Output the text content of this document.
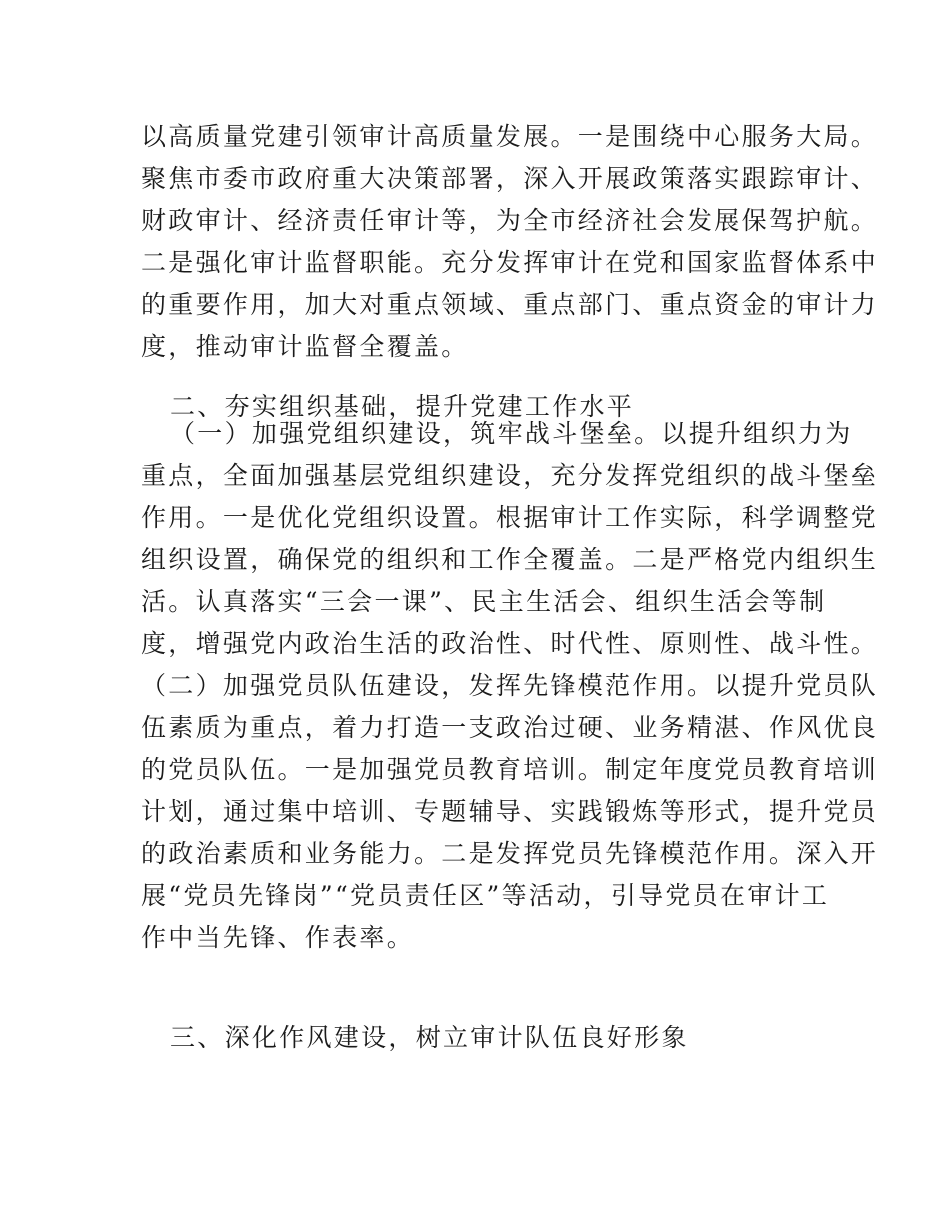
以高质量党建引领审计高质量发展。一是围绕中心服务大局。
聚焦市委市政府重大决策部署，深入开展政策落实跟踪审计、
财政审计、经济责任审计等，为全市经济社会发展保驾护航。
二是强化审计监督职能。充分发挥审计在党和国家监督体系中
的重要作用，加大对重点领域、重点部门、重点资金的审计力
度，推动审计监督全覆盖。
二、夯实组织基础，提升党建工作水平
（一）加强党组织建设，筑牢战斗堡垒。以提升组织力为
重点，全面加强基层党组织建设，充分发挥党组织的战斗堡垒
作用。一是优化党组织设置。根据审计工作实际，科学调整党
组织设置，确保党的组织和工作全覆盖。二是严格党内组织生
活。认真落实“三会一课”、民主生活会、组织生活会等制
度，增强党内政治生活的政治性、时代性、原则性、战斗性。
（二）加强党员队伍建设，发挥先锋模范作用。以提升党员队
伍素质为重点，着力打造一支政治过硬、业务精湛、作风优良
的党员队伍。一是加强党员教育培训。制定年度党员教育培训
计划，通过集中培训、专题辅导、实践锻炼等形式，提升党员
的政治素质和业务能力。二是发挥党员先锋模范作用。深入开
展“党员先锋岗”“党员责任区”等活动，引导党员在审计工
作中当先锋、作表率。
三、深化作风建设，树立审计队伍良好形象
